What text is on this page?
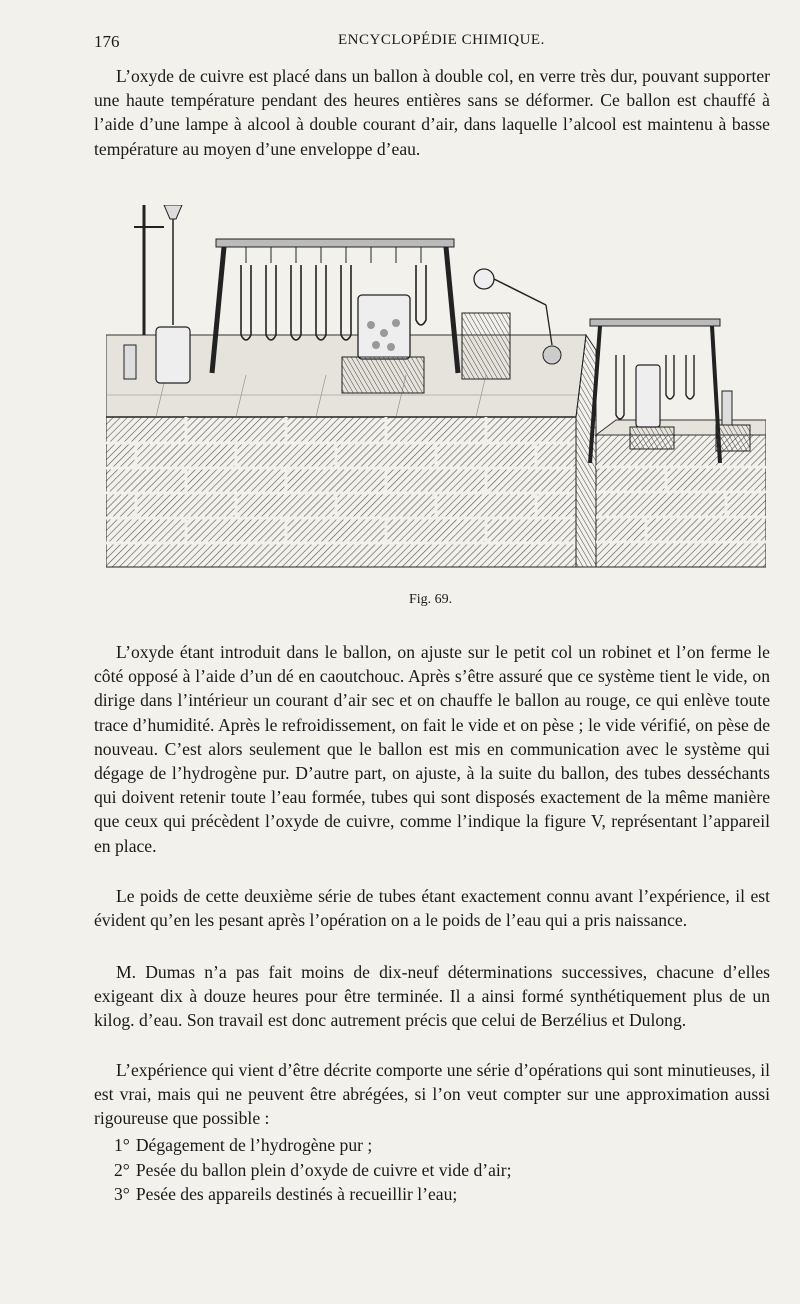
176	ENCYCLOPÉDIE CHIMIQUE.

L’oxyde de cuivre est placé dans un ballon à double col, en verre très dur, pouvant supporter une haute température pendant des heures entières sans se déformer. Ce ballon est chauffé à l’aide d’une lampe à alcool à double courant d’air, dans laquelle l’alcool est maintenu à basse température au moyen d’une enveloppe d’eau.

Fig. 69.

L’oxyde étant introduit dans le ballon, on ajuste sur le petit col un robinet et l’on ferme le côté opposé à l’aide d’un dé en caoutchouc. Après s’être assuré que ce système tient le vide, on dirige dans l’intérieur un courant d’air sec et on chauffe le ballon au rouge, ce qui enlève toute trace d’humidité. Après le refroidissement, on fait le vide et on pèse ; le vide vérifié, on pèse de nouveau. C’est alors seulement que le ballon est mis en communication avec le système qui dégage de l’hydrogène pur. D’autre part, on ajuste, à la suite du ballon, des tubes desséchants qui doivent retenir toute l’eau formée, tubes qui sont disposés exactement de la même manière que ceux qui précèdent l’oxyde de cuivre, comme l’indique la figure V, représentant l’appareil en place.

Le poids de cette deuxième série de tubes étant exactement connu avant l’expérience, il est évident qu’en les pesant après l’opération on a le poids de l’eau qui a pris naissance.

M. Dumas n’a pas fait moins de dix-neuf déterminations successives, chacune d’elles exigeant dix à douze heures pour être terminée. Il a ainsi formé synthétiquement plus de un kilog. d’eau. Son travail est donc autrement précis que celui de Berzélius et Dulong.

L’expérience qui vient d’être décrite comporte une série d’opérations qui sont minutieuses, il est vrai, mais qui ne peuvent être abrégées, si l’on veut compter sur une approximation aussi rigoureuse que possible :

1° Dégagement de l’hydrogène pur ;
2° Pesée du ballon plein d’oxyde de cuivre et vide d’air;
3° Pesée des appareils destinés à recueillir l’eau;
